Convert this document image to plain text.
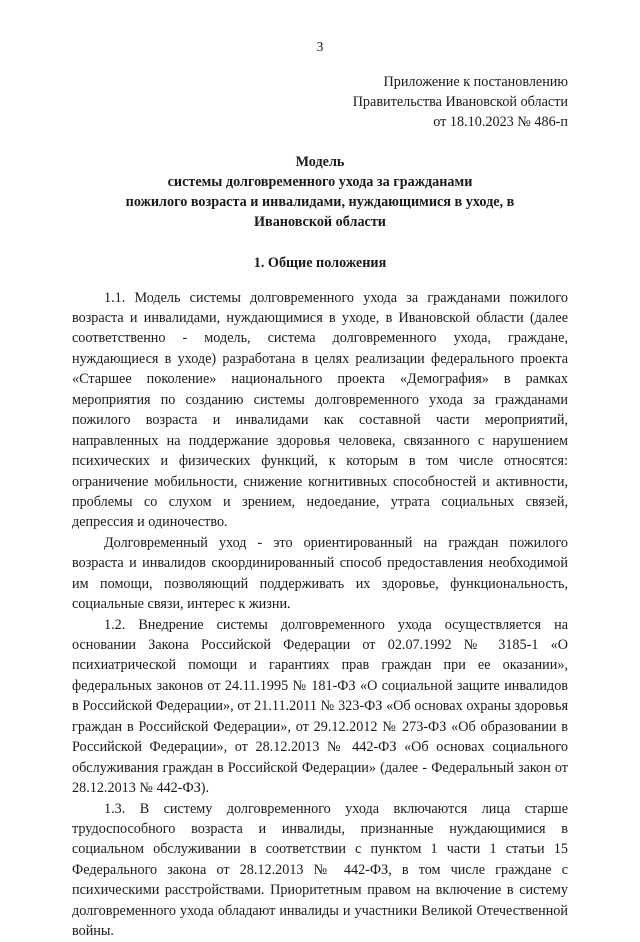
3
Приложение к постановлению
Правительства Ивановской области
от 18.10.2023 № 486-п
Модель
системы долговременного ухода за гражданами
пожилого возраста и инвалидами, нуждающимися в уходе, в
Ивановской области
1. Общие положения

1.1. Модель системы долговременного ухода за гражданами пожилого возраста и инвалидами, нуждающимися в уходе, в Ивановской области (далее соответственно - модель, система долговременного ухода, граждане, нуждающиеся в уходе) разработана в целях реализации федерального проекта «Старшее поколение» национального проекта «Демография» в рамках мероприятия по созданию системы долговременного ухода за гражданами пожилого возраста и инвалидами как составной части мероприятий, направленных на поддержание здоровья человека, связанного с нарушением психических и физических функций, к которым в том числе относятся: ограничение мобильности, снижение когнитивных способностей и активности, проблемы со слухом и зрением, недоедание, утрата социальных связей, депрессия и одиночество.

Долговременный уход - это ориентированный на граждан пожилого возраста и инвалидов скоординированный способ предоставления необходимой им помощи, позволяющий поддерживать их здоровье, функциональность, социальные связи, интерес к жизни.

1.2. Внедрение системы долговременного ухода осуществляется на основании Закона Российской Федерации от 02.07.1992 № 3185-1 «О психиатрической помощи и гарантиях прав граждан при ее оказании», федеральных законов от 24.11.1995 № 181-ФЗ «О социальной защите инвалидов в Российской Федерации», от 21.11.2011 № 323-ФЗ «Об основах охраны здоровья граждан в Российской Федерации», от 29.12.2012 № 273-ФЗ «Об образовании в Российской Федерации», от 28.12.2013 № 442-ФЗ «Об основах социального обслуживания граждан в Российской Федерации» (далее - Федеральный закон от 28.12.2013 № 442-ФЗ).

1.3. В систему долговременного ухода включаются лица старше трудоспособного возраста и инвалиды, признанные нуждающимися в социальном обслуживании в соответствии с пунктом 1 части 1 статьи 15 Федерального закона от 28.12.2013 № 442-ФЗ, в том числе граждане с психическими расстройствами. Приоритетным правом на включение в систему долговременного ухода обладают инвалиды и участники Великой Отечественной войны.
